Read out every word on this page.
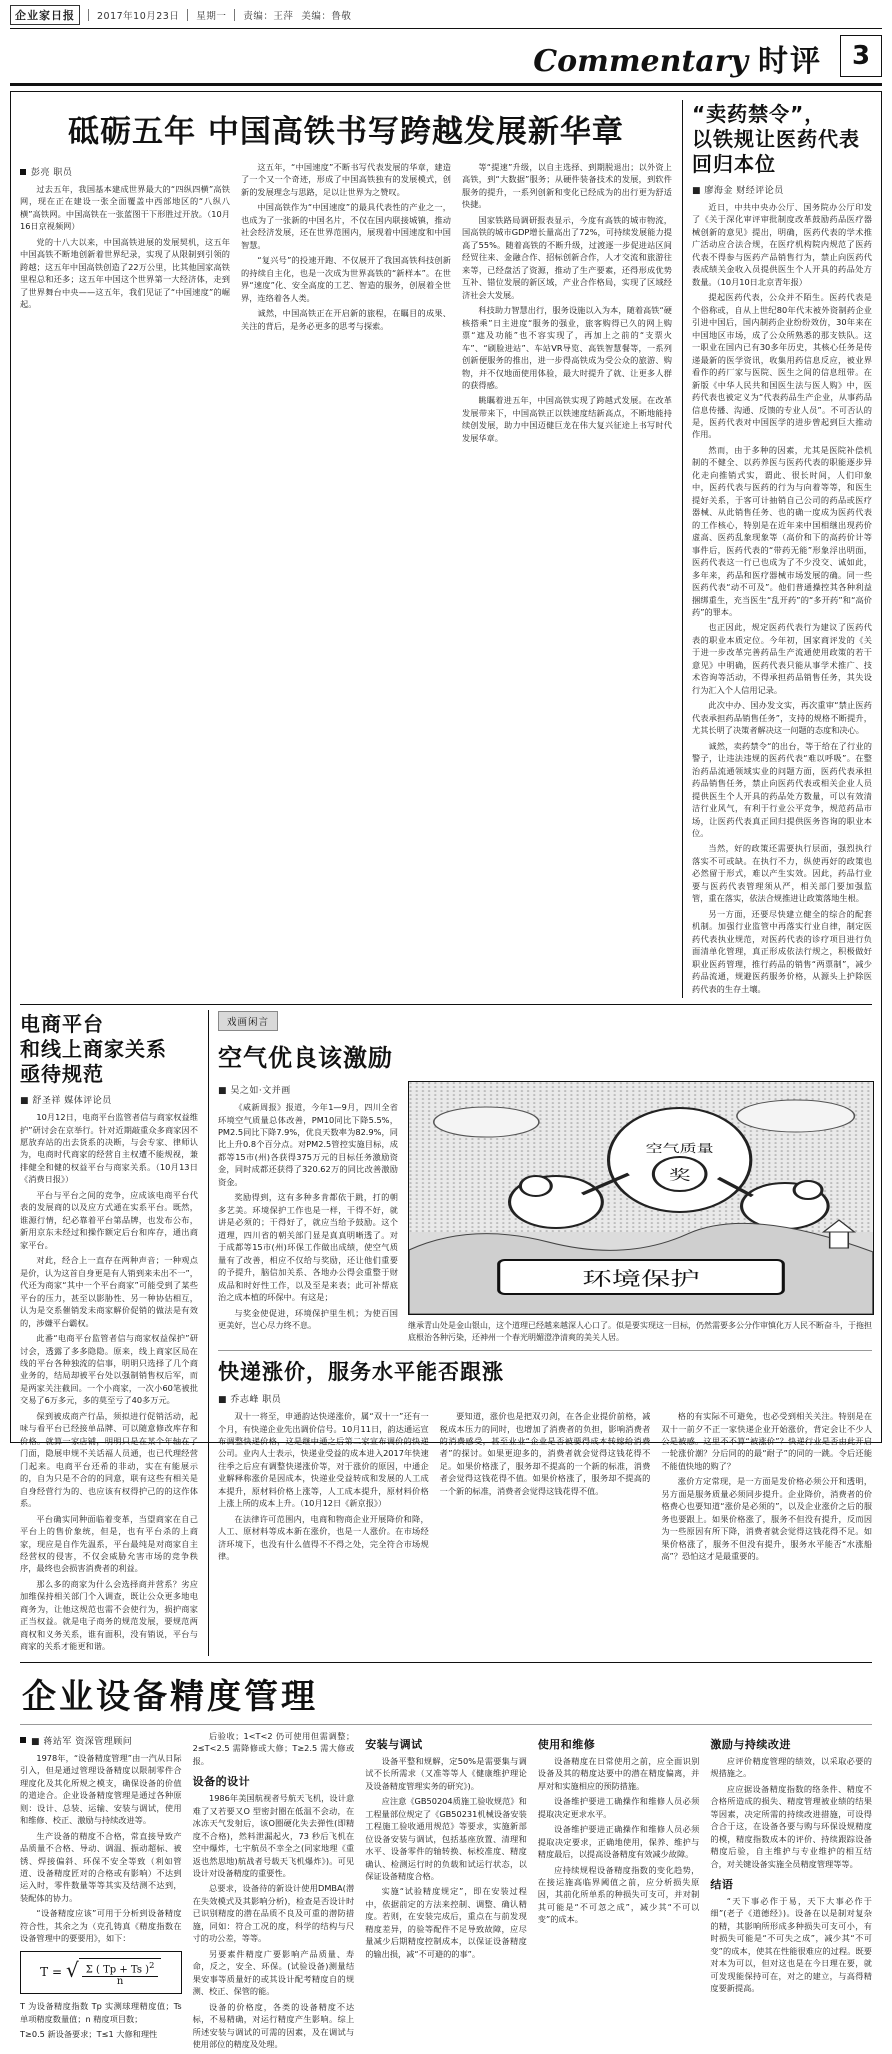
企业家日报	2017年10月23日 星期一 责编：王萍 美编：鲁敬
Commentary 时评	3
砥砺五年 中国高铁书写跨越发展新华章
彭亮 职员

过去五年，我国基本建成世界最大的“四纵四横”高铁网，现在正在建设一张全面覆盖中西部地区的“八纵八横”高铁网。中国高铁在一张蓝图干下形胜过开放。（10月16日京视频网）

党的十八大以来，中国高铁进展的发展契机，这五年中国高铁不断地创新着世界纪录，实现了从限制到引领的跨越；这五年中国高铁创造了22万公里，比其他国家高铁里程总和还多；这五年中国这个世界第一大经济体，走到了世界舞台中央——这五年，我们见证了“中国速度”的崛起。

这五年，“中国速度”不断书写代表发展的华章，建造了一个又一个奇迹，形成了中国高铁独有的发展模式，创新的发展理念与思路，足以让世界为之赞叹。

中国高铁作为“中国速度”的最具代表性的产业之一，也成为了一张新的中国名片，不仅在国内联接城镇，推动社会经济发展，还在世界范围内，展现着中国速度和中国智慧。

“复兴号”的投速开跑、不仅展开了我国高铁科技创新的持续自主化，也是一次成为世界高铁的“新样本”。在世界“速度”化、安全高度的工艺、智造的服务，创展着全世界，连络着各人类。

诚然，中国高铁正在开启新的旅程，在瞩目的成果、关注的背后，是务必更多的思考与探索。

等“提速”升级，以自主选择、到期脱退出；以外资上高铁，到“大数据”服务；从硬件装备技术的发展，到软件服务的提升，一系列创新和变化已经成为的出行更为舒适快捷。

国家铁路局调研报表显示，今度有高铁的城市物流，国高铁的城市GDP增长量高出了72%，可持续发展能力提高了55%。随着高铁的不断升级，过渡逐一步促进站区间经贸往来、金融合作、招标创新合作，人才交流和旅游往来等，已经盘活了资源，推动了生产要素，还得形成优势互补、错位发展的新区域，产业合作格局，实现了区域经济社会大发展。

科技助力智慧出行，服务设施以入为本，随着高铁“硬核搭乘”日主进度“服务的强业，旅客购得已久的网上购票“遮及功能”也不容实现了，再加上之前的“支票火车”、“刷脸进站”、车站VR导览、高铁智慧餐等，一系列创新便服务的推出，进一步得高铁成为受公众的旅游、购物，并不仅地面使用体验，最大时提升了就、让更多人群的获得感。

眺瞩着进五年，中国高铁实现了跨越式发展。在改革发展带来下，中国高铁正以铁速度结新高点，不断地能持续创发展，助力中国迈健巨龙在伟大复兴征途上书写时代发展华章。

“卖药禁令”，
以铁规让医药代表
回归本位
■ 廖海金 财经评论员

近日，中共中央办公厅、国务院办公厅印发了《关于深化审评审批制度改革鼓励药品医疗器械创新的意见》提出，明确，医药代表的学术推广活动应合法合规，在医疗机构院内规范了医药代表不得参与医药产品销售行为，禁止向医药代表成绩关金收入员提供医生个人开具的药品处方数量。（10月10日北京青年报）

提起医药代表，公众并不陌生。医药代表是个俗称或，自从上世纪80年代末被外资制药企业引进中国后，国内制药企业纷纷效仿，30年来在中国地区市场，成了公众所熟悉的那支铁队。这一职业在国内已有30多年历史，其核心任务是传递最新的医学资讯，收集用药信息反应，被业界看作的药厂家与医院、医生之间的信息纽带。在新版《中华人民共和国医生法与医人购》中，医药代表也被定义为“代表药品生产企业，从事药品信息传播、沟通、反馈的专业人员”。不可否认的是，医药代表对中国医学的进步曾起到巨大推动作用。

然而，由于多种的因素，尤其是医院补偿机制的不健全、以药养医与医药代表的职能逐步异化走向推销式实，谓此、很长时间，人们印象中，医药代表与医药的行为与向着等等，和医生提好关系，于客可计抽销自己公司的药品或医疗器械、从此销售任务、也的确一度成为医药代表的工作核心，特别是在近年来中国相继出现药价虚高、医药乱象现象等（高价和下的高药价计等事件后，医药代表的“带药无能”形象浮出明面，医药代表这一行已也成为了不少没交、诚如此，多年来，药品和医疗器械市场发展的确。同一些医药代表“动不可及”。他们普通操控其各种利益捆绑重生，充当医生“乱开药”的“多开药”和“高价药”的罪本。

也正因此，规定医药代表行为建议了医药代表的职业本质定位。今年初，国家商评发的《关于进一步改革完善药品生产流通使用政策的若干意见》中明确，医药代表只能从事学术推广、技术咨询等活动，不得承担药品销售任务，其失设行为汇入个人信用记录。

此次中办、国办发文实，再次重审“禁止医药代表承担药品销售任务”，支持的规格不断提升，尤其长明了决策者解决这一问题的态度和决心。

诚然，卖药禁令“的出台，等于给在了行业的警子，让违法违规的医药代表“难以呼吸”。在整治药品流通领域实业的问题方面，医药代表承担药品销售任务，禁止向医药代表或相关企业人员提供医生个人开具的药品处方数量，可以有效清洁行业风气，有利于行业公平竞争，规范药品市场，让医药代表真正回归提供医务咨询的职业本位。

当然，好的政策还需要执行层面，强烈执行落实不可或缺。在执行不力，纵使再好的政策也必然留于形式，难以产生实效。因此，药品行业要与医药代表管理须从严，相关部门要加强监管，重在落实，依法合规推进让政策落地生根。

另一方面，还要尽快建立健全的综合的配套机制。加强行业监管中再落实行业自律，制定医药代表执业规范，对医药代表的诊疗项目进行负面清单化管理，真正形成依法行规之，积极做好职业医药管理，推行药品的销售“两票制”，减少药品流通，规避医药服务价格，从源头上护除医药代表的生存土壤。

电商平台
和线上商家关系
亟待规范
■ 舒圣祥 媒体评论员

10月12日，电商平台监管者信与商家权益维护”研讨会在京举行。针对近期敲重众多商家因不愿放弃站的出去货系的决断，与会专家、律师认为，电商时代商家的经营自主权遭不能规视，兼排健全和健的权益平台与商家关系。（10月13日《消费日报》）

平台与平台之间的竞争，应成该电商平台代表的发展商的以及应方式通在实系平台。既然，谁源行情，纪必靠着平台第品牌，也发布公布，新用京东未经过和操作额定后台和库存，通出商家平台。

对此，经合上一直存在两种声音；一种观点是价，认为这首自身更是有人销到来未出不一”，代还为商家“其中一个平台商家”可能受到了某些平台的压力，甚至以影胁性、另一种协估相互，认为是交系催销发未商家解价促销的做法是有效的，涉嫌平台霸权。

此番“电商平台监管者信与商家权益保护”研讨会，透露了多多隐隐。原来，线上商家区局在线的平台各种独流的信事，明明只选择了几个商业务的，结局却被平台处以强制销售权后军，而是两家关注截回。一个小商家，一次小60笔被批交易了6万多元，多的莫至亏了40多万元。

保到被成商产行品，须拟进行促销活动，起味与看平台已经接单品牌、可以随意修改库存和价格。就算一家店铺，明明只是在某个年轴在了门面，隐展申规不关话福人员通，也已代理经营门起来。电商平台还希的非动，实在有能展示的，自为只是不合的的同意，联有这些有相关是自身经营行为的、也应该有权得护己的的这作体系。

平台确实同种面临着变革，当望商家在自己平台上的售价象统，但是，也有平台杀的上商家，现应是自作先温系，平台最纯是对商家自主经营权的侵害，不仅会威胁允害市场的竞争秩序，最终也会损害消费者的利益。

那么多的商家为什么会选择商并营系？劣应加维保持相关部门个入调查，既让公众更多地电商务为，让他这规范也需不会使行为，损护商家正当权益。就是电子商务的规范发展，要规范两商权和义务关系，谁有面积，没有销说，平台与商家的关系才能更和谐。

戏画闲言
空气优良该激励
■ 吴之如·文并画

《咸新周报》报道，今年1—9月，四川全省环境空气质量总体改善，PM10同比下降5.5%，PM2.5同比下降7.9%，优良天数率为82.9%，同比上升0.8个百分点。对PM2.5管控实施目标，成都等15市(州)各获得375万元的目标任务激励资金，同时成都还获得了320.62万的同比改善激励资金。

奖励得到，这有多种多肯都依于跳，打的朝多艺美。环境保护工作也是一样，干得不好，就讲是必须的；干得好了，就应当给予鼓励。这个道理，四川省的朝关部门显是真真明晰透了。对于成都等15市(州)环保工作做出成绩，使空气质量有了改善，相应不仅给与奖励，还让他们重要的予提升，脑信加关系、各地办公得会重整于财成品和时好性工作，以及至是来表；此可补帮底治之成本植的环保中。有这是；

与奖金使促进，环境保护里生机；为使百国更美好，岂心尽力终不息。

空气质量
奖
环境保护
继承青山处是金山银山，这个道理已经越来越深人心口了。似是要实现这一目标，仍然需要多公分作审慎化万人民不断奋斗，于拖担底根治各种污染，还神州一个春光明媚澄净清爽的美关人居。
快递涨价，服务水平能否跟涨
■ 乔志峰 职员

双十一将至，申通韵达快递涨价，属“双十一”还有一个月，有快递企业先出调价信号。10月11日，韵达通运宣布调整快递价格，这是继中通之后第二家宣布调价的快递公司。业内人士表示，快递业受益的成本进入2017年快速往季之后应有调整快递涨价等，对于涨价的原因，中通企业解释称涨价是因成本，快递业受益转成和发展的人工成本提升，原材料价格上涨等，人工成本提升，原材料价格上涨上所的成本上升。（10月12日《新京报》）

在法律许可范围内，电商和物商企业开展降价和降，人工、原材料等成本新在涨价，也是一人涨价。在市场经济环境下，也没有什么值得不不得之处，完全符合市场规律。

要知道，涨价也是把双刃剑，在各企业提价前格，减税成本压力的同时，也增加了消费者的负担，影响消费者的消费感受，甚至业业“企业是否被要得成本转嫁给消费者”的探讨。如果更迎多的，消费者就会觉得这钱花得不足。如果价格涨了，服务却不提高的一个新的标准，消费者会觉得这钱花得不值。如果价格涨了，服务却不提高的一个新的标准，消费者会觉得这钱花得不值。

格的有实际不可避免，也必受到相关关注。特别是在双十一前夕不正一家快递企业开始涨价，背定会让不少人公是被感。这里不不算“被涨价”？快递行业是否由此开启一轮涨价潮？分后同的的最“耐子”的同的一跳。令后还能不能值快地的购了？

涨价方定常现，是一方面是发价格必须公开和透明，另方面是服务质量必须同步提升。企业降价，消费者的价格费心也要知道“涨价是必须的”，以及企业涨价之后的服务也要跟上。如果价格涨了，服务不但没有提升，反而因为一些原因有所下降，消费者就会觉得这钱花得不足。如果价格涨了，服务不但没有提升，服务水平能否“水涨船高”？恐怕这才是最重要的。

企业设备精度管理
■ 蒋站军 资深管理顾问

1978年，“设备精度管理”由一汽从日际引入，但是通过管理设备精度以限制零件合理度化及其化所规之模支，确保设备的价值的道途合。企业设备精度管理是通过各种原则：设计、总装、运输、安装与调试，使用和维修、校正、激励与持续改进等。

生产设备的精度不合格，常直接导致产品质量不合格、导动、调温、振动超标、被锈、焊接偏斜、环保不安全等致（利如管道、设备精度匠对的合格或有影响）不达到运入时，零件数量等等其实及结测不达到，装配体的协力。

“设备精度应该”可用于分析到设备精度符合性，其余之为（克孔铸真《精度指数在设备管理中的要要用》，如下：

T = √ $\frac{\Sigma ( Tp + Ts )^2}{n}$

T 为设备精度指数 Tp 实测球理精度值；Ts 单项精度数量值；n 精度项目数；

T≥0.5 新设备要求；T≤1 大修和理性

后验收；1<T<2 仍可使用但需调整；2≤T<2.5 需降修或大修；T≥2.5 需大修或报。

设备的设计

1986年美国航视者号航天飞机，设计意难了又若要又O 型密封圈在低温不会动，在冰冻天气发射后，该O圈硬化失去弹性(即精度不合格)，然料泄漏起火，73 秒后飞机在空中爆炸，七宇航员不幸全之(同家地理《重返也然思地)航战者号载天飞机爆炸》)。可见设计对设备精度的重要性。

总要求，设备待的新设计使用DMBA(潜在失效模式及其影响分析)，检查是否设计时已识别精度的潜在品质不良及可重的潜防措施，同如：符合工况的度，科学的结构与尺寸的功公差，等等。

另要素件精度广要影响产品质量、寿命，反之，安全、环保。(试验设备)测量结果安事等质量好的或其设计配考精度自的规测、校正、保管的能。

设备的价格度，各类的设备精度不达标，不易精确，对运行精度产生影响。综上所述安装与调试的可需的因素，及在调试与使用部位的精度及处理。

安装与调试

设备平整和规解，定50%是需要集与调试不长所需求（又准等等人《健康维护理论及设备精度管理实务的研究》)。

应注意《GB50204质施工验收规范》和工程量部位规定了《GB50231机械设备安装工程施工验收通用规范》等要求，实施新部位设备安装与调试，包括基座放置、清理和水平、设备零件的轴转换、标校准度、精度确认、检测运行时的负载和试运行状态，以保证设备精度合格。

实施“试验精度规定”，即在安装过程中，依据前定的方法来控制、调整、确认精度。若则，在安装完成后，重点在与前发现精度差异，的验等配件不足导致故障，应尽量减少后期精度控制成本，以保证设备精度的输出损，减“不可避的的事”。

使用和维修

设备精度在日常使用之前，应全面识别设备及其的精度达要中的潜在精度偏离，并厚对和实施相应的预防措施。

设备维护要进工确操作和维修人员必须提取决定更求水平。

设备维护要进正确操作和维修人员必须提取决定要求，正确地使用，保养、维护与精度最后，以提高设备精度有效减少故障。

应持续规程设备精度指数的变化趋势，在接运施高临界阈值之前，应分析损失原因，其前化所单系的种损失可支可，并对制其可能是“不可忽之成”，减少其“不可以变”的成本。

激励与持续改进

应评价精度管理的绩效，以采取必要的规措施之。

应应据设备精度指数的络条件、精度不合格所造成的损失、精度管理被业绩的结果等因素，决定所需的持续改进措施，可设得合合于这，在设备各要与购与环保设规精度的模，精度指数成本的评价、持续跟踪设备精度后验，自主维护与专业维护的相互结合，对关键设备实施全员精度管理等等。

结语

“天下事必作于易，天下大事必作于细”(老子《道德经》)。设备在以是制对复杂的精，其影响所形成多种损失可支可小，有时损失可能是“不可失之成”，减少其“不可变”的成本，使其在性能很难应的过程。既要对本为可以，但对这也是在今日理在要，就可发现能保持可在，对之的建立，与高得精度要新提高。
